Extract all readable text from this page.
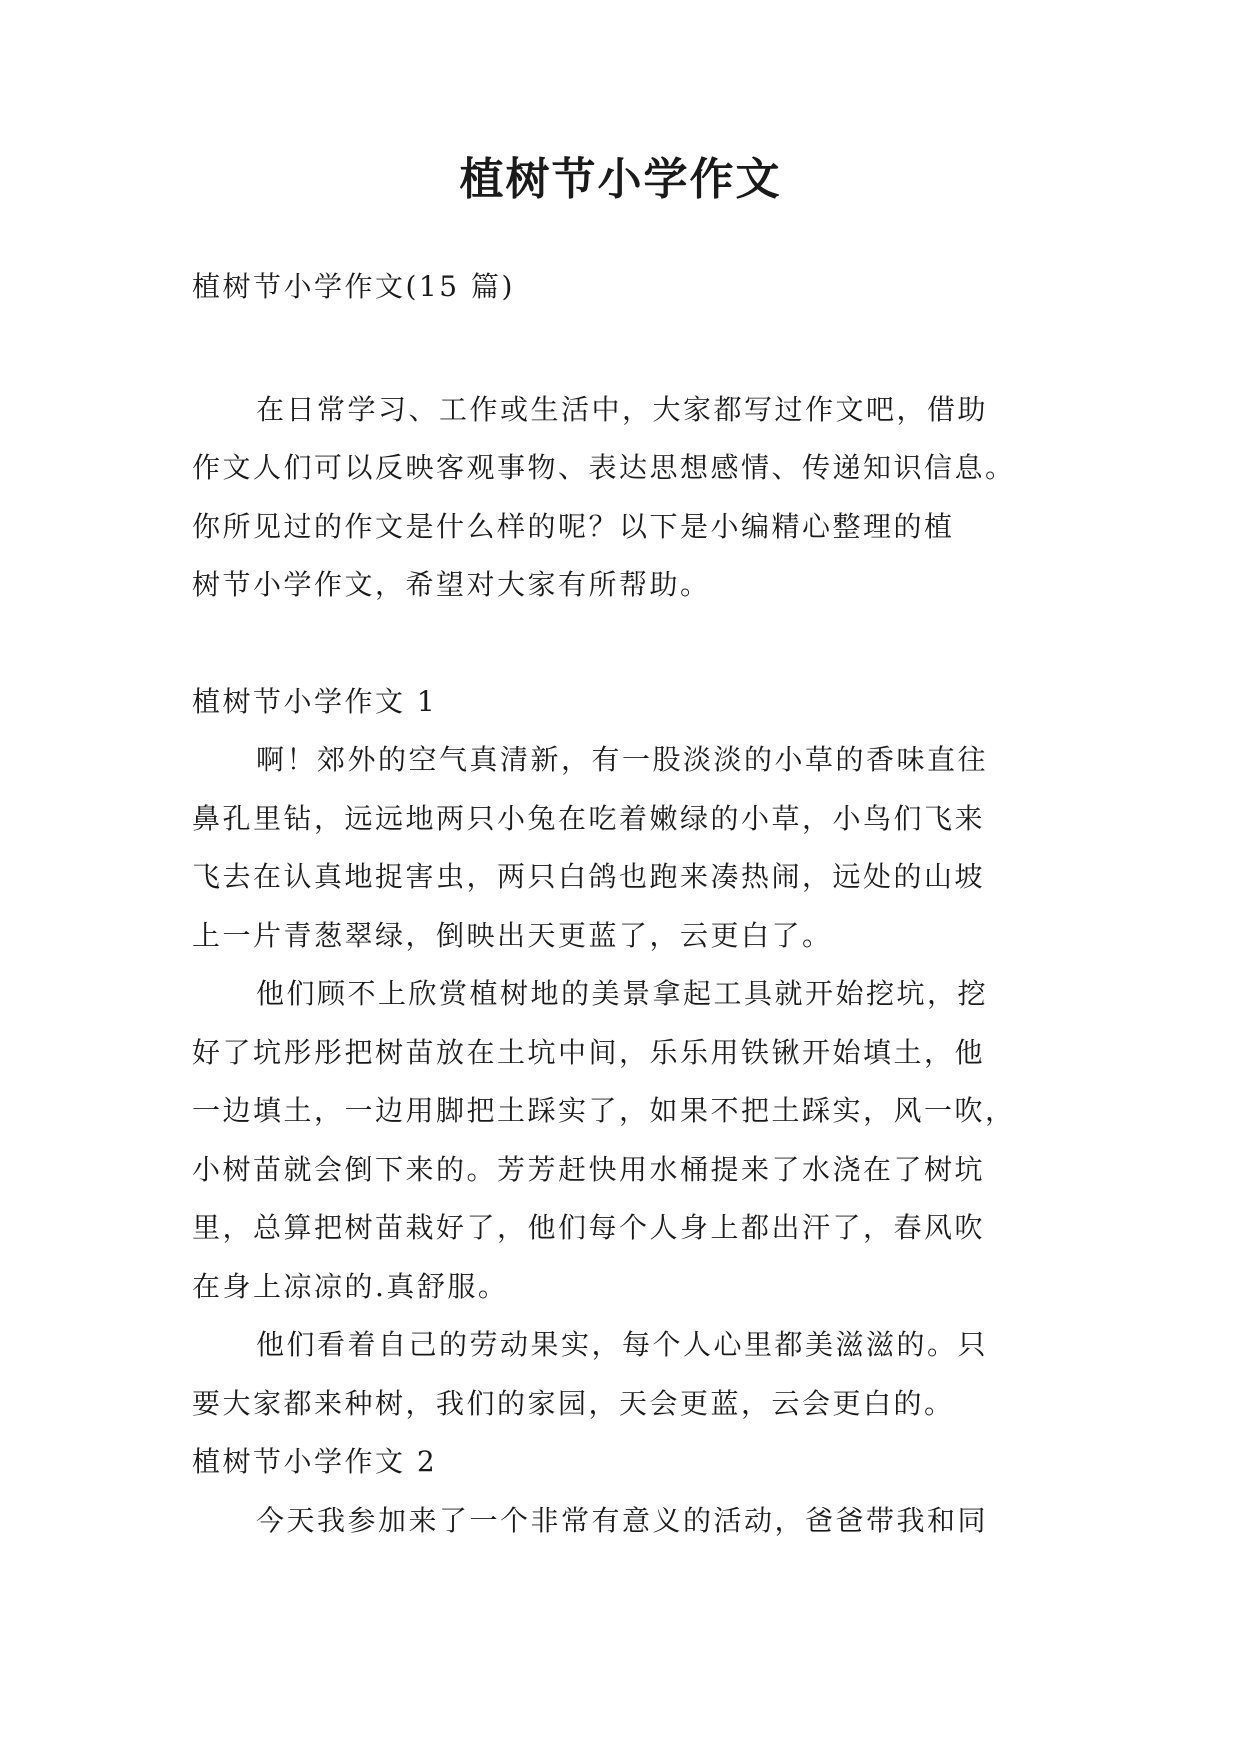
植树节小学作文

植树节小学作文(15 篇)

在日常学习、工作或生活中，大家都写过作文吧，借助

作文人们可以反映客观事物、表达思想感情、传递知识信息。

你所见过的作文是什么样的呢？以下是小编精心整理的植

树节小学作文，希望对大家有所帮助。

植树节小学作文 1

啊！郊外的空气真清新，有一股淡淡的小草的香味直往

鼻孔里钻，远远地两只小兔在吃着嫩绿的小草，小鸟们飞来

飞去在认真地捉害虫，两只白鸽也跑来凑热闹，远处的山坡

上一片青葱翠绿，倒映出天更蓝了，云更白了。

他们顾不上欣赏植树地的美景拿起工具就开始挖坑，挖

好了坑彤彤把树苗放在土坑中间，乐乐用铁锹开始填土，他

一边填土，一边用脚把土踩实了，如果不把土踩实，风一吹，

小树苗就会倒下来的。芳芳赶快用水桶提来了水浇在了树坑

里，总算把树苗栽好了，他们每个人身上都出汗了，春风吹

在身上凉凉的.真舒服。

他们看着自己的劳动果实，每个人心里都美滋滋的。只

要大家都来种树，我们的家园，天会更蓝，云会更白的。

植树节小学作文 2

今天我参加来了一个非常有意义的活动，爸爸带我和同
